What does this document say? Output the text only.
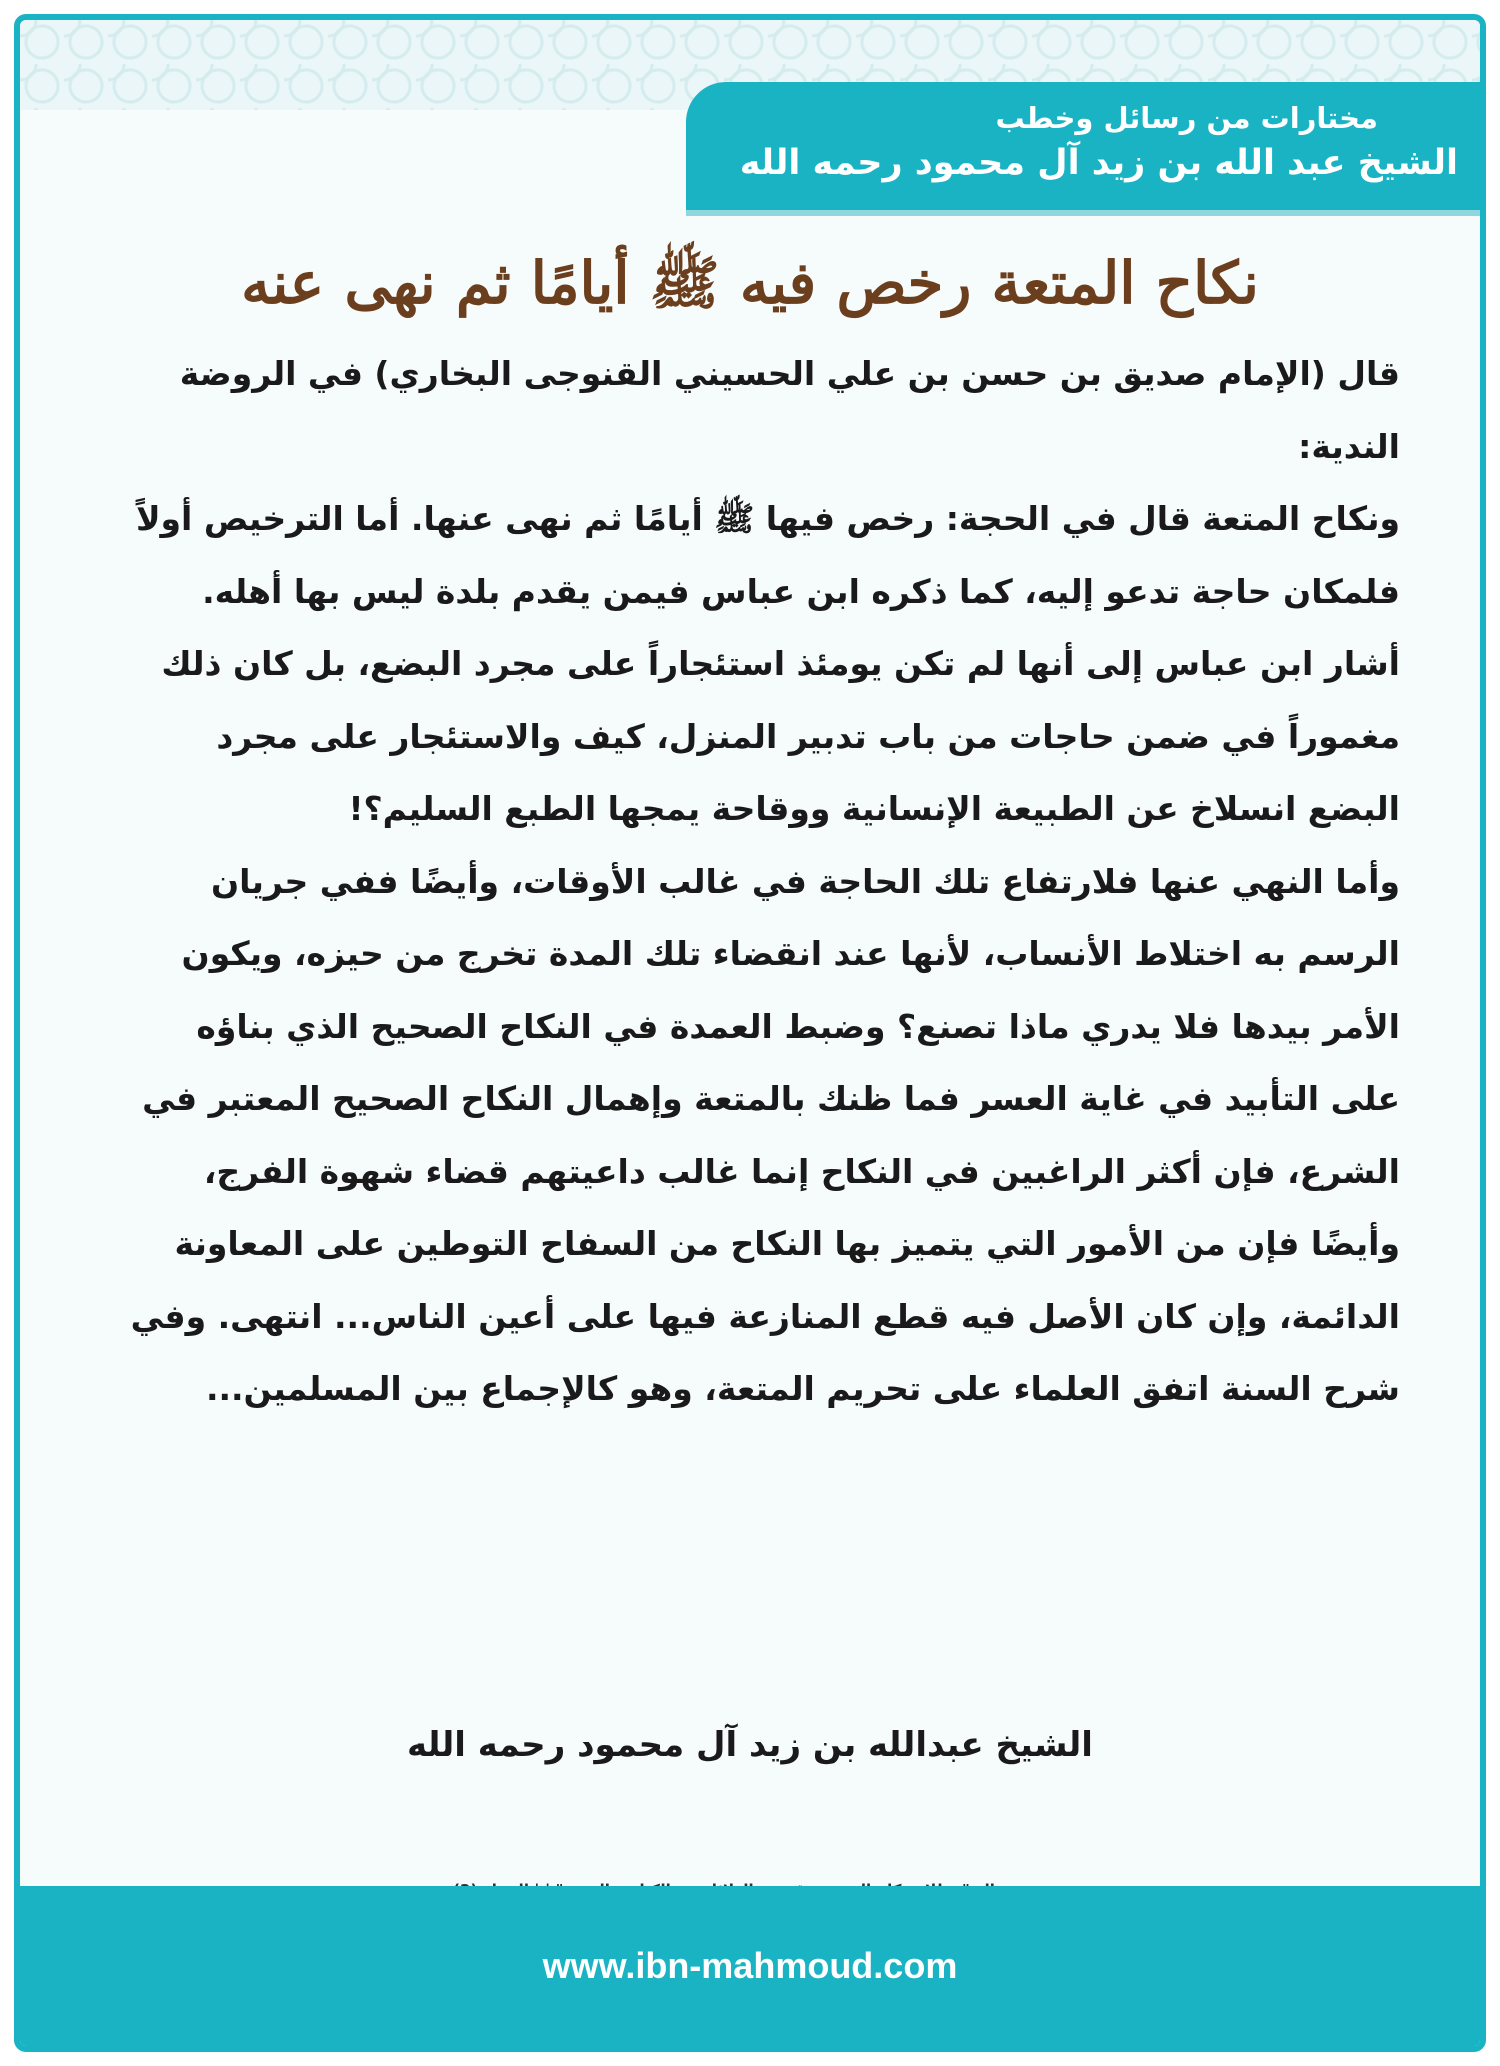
مختارات من رسائل وخطب
الشيخ عبد الله بن زيد آل محمود رحمه الله
نكاح المتعة رخص فيه ﷺ أيامًا ثم نهى عنه

قال (الإمام صديق بن حسن بن علي الحسيني القنوجى البخاري) في الروضة الندية:

ونكاح المتعة قال في الحجة: رخص فيها ﷺ أيامًا ثم نهى عنها. أما الترخيص أولاً فلمكان حاجة تدعو إليه، كما ذكره ابن عباس فيمن يقدم بلدة ليس بها أهله. أشار ابن عباس إلى أنها لم تكن يومئذ استئجاراً على مجرد البضع، بل كان ذلك مغموراً في ضمن حاجات من باب تدبير المنزل، كيف والاستئجار على مجرد البضع انسلاخ عن الطبيعة الإنسانية ووقاحة يمجها الطبع السليم؟!

وأما النهي عنها فلارتفاع تلك الحاجة في غالب الأوقات، وأيضًا ففي جريان الرسم به اختلاط الأنساب، لأنها عند انقضاء تلك المدة تخرج من حيزه، ويكون الأمر بيدها فلا يدري ماذا تصنع؟ وضبط العمدة في النكاح الصحيح الذي بناؤه على التأبيد في غاية العسر فما ظنك بالمتعة وإهمال النكاح الصحيح المعتبر في الشرع، فإن أكثر الراغبين في النكاح إنما غالب داعيتهم قضاء شهوة الفرج، وأيضًا فإن من الأمور التي يتميز بها النكاح من السفاح التوطين على المعاونة الدائمة، وإن كان الأصل فيه قطع المنازعة فيها على أعين الناس... انتهى. وفي شرح السنة اتفق العلماء على تحريم المتعة، وهو كالإجماع بين المسلمين...

الشيخ عبدالله بن زيد آل محمود رحمه الله
www.ibn-mahmoud.com
